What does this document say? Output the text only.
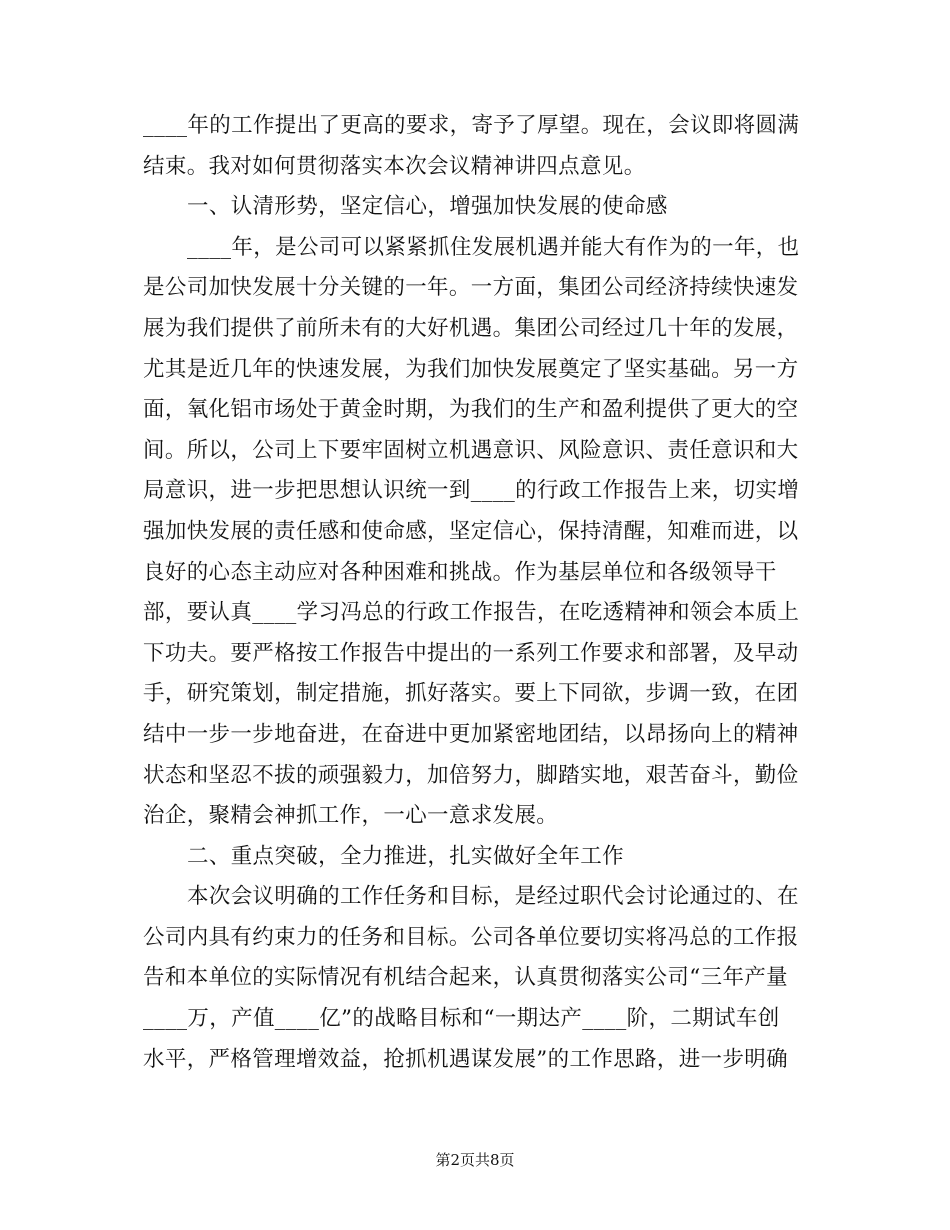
____年的工作提出了更高的要求，寄予了厚望。现在，会议即将圆满
结束。我对如何贯彻落实本次会议精神讲四点意见。
一、认清形势，坚定信心，增强加快发展的使命感
____年，是公司可以紧紧抓住发展机遇并能大有作为的一年，也
是公司加快发展十分关键的一年。一方面，集团公司经济持续快速发
展为我们提供了前所未有的大好机遇。集团公司经过几十年的发展，
尤其是近几年的快速发展，为我们加快发展奠定了坚实基础。另一方
面，氧化铝市场处于黄金时期，为我们的生产和盈利提供了更大的空
间。所以，公司上下要牢固树立机遇意识、风险意识、责任意识和大
局意识，进一步把思想认识统一到____的行政工作报告上来，切实增
强加快发展的责任感和使命感，坚定信心，保持清醒，知难而进，以
良好的心态主动应对各种困难和挑战。作为基层单位和各级领导干
部，要认真____学习冯总的行政工作报告，在吃透精神和领会本质上
下功夫。要严格按工作报告中提出的一系列工作要求和部署，及早动
手，研究策划，制定措施，抓好落实。要上下同欲，步调一致，在团
结中一步一步地奋进，在奋进中更加紧密地团结，以昂扬向上的精神
状态和坚忍不拔的顽强毅力，加倍努力，脚踏实地，艰苦奋斗，勤俭
治企，聚精会神抓工作，一心一意求发展。
二、重点突破，全力推进，扎实做好全年工作
本次会议明确的工作任务和目标，是经过职代会讨论通过的、在
公司内具有约束力的任务和目标。公司各单位要切实将冯总的工作报
告和本单位的实际情况有机结合起来，认真贯彻落实公司“三年产量
____万，产值____亿”的战略目标和“一期达产____阶，二期试车创
水平，严格管理增效益，抢抓机遇谋发展”的工作思路，进一步明确
第2页共8页
